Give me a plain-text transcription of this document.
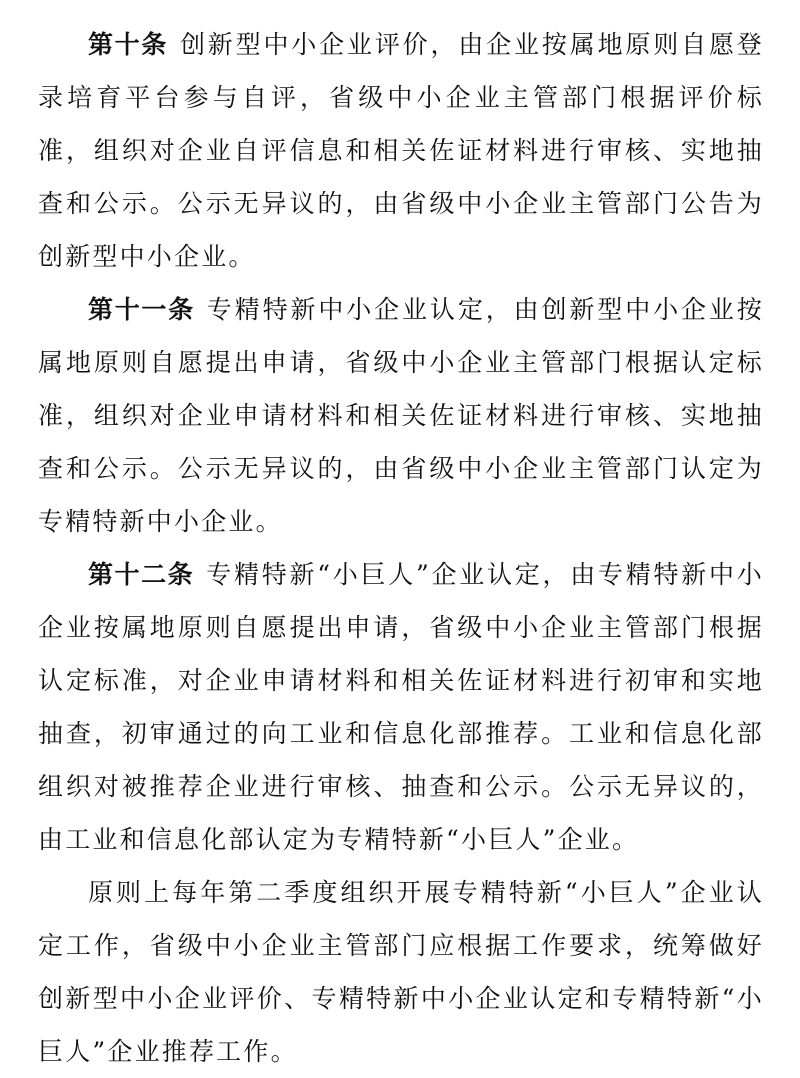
第十条 创新型中小企业评价，由企业按属地原则自愿登录培育平台参与自评，省级中小企业主管部门根据评价标准，组织对企业自评信息和相关佐证材料进行审核、实地抽查和公示。公示无异议的，由省级中小企业主管部门公告为创新型中小企业。

第十一条 专精特新中小企业认定，由创新型中小企业按属地原则自愿提出申请，省级中小企业主管部门根据认定标准，组织对企业申请材料和相关佐证材料进行审核、实地抽查和公示。公示无异议的，由省级中小企业主管部门认定为专精特新中小企业。

第十二条 专精特新“小巨人”企业认定，由专精特新中小企业按属地原则自愿提出申请，省级中小企业主管部门根据认定标准，对企业申请材料和相关佐证材料进行初审和实地抽查，初审通过的向工业和信息化部推荐。工业和信息化部组织对被推荐企业进行审核、抽查和公示。公示无异议的，由工业和信息化部认定为专精特新“小巨人”企业。

原则上每年第二季度组织开展专精特新“小巨人”企业认定工作，省级中小企业主管部门应根据工作要求，统筹做好创新型中小企业评价、专精特新中小企业认定和专精特新“小巨人”企业推荐工作。
